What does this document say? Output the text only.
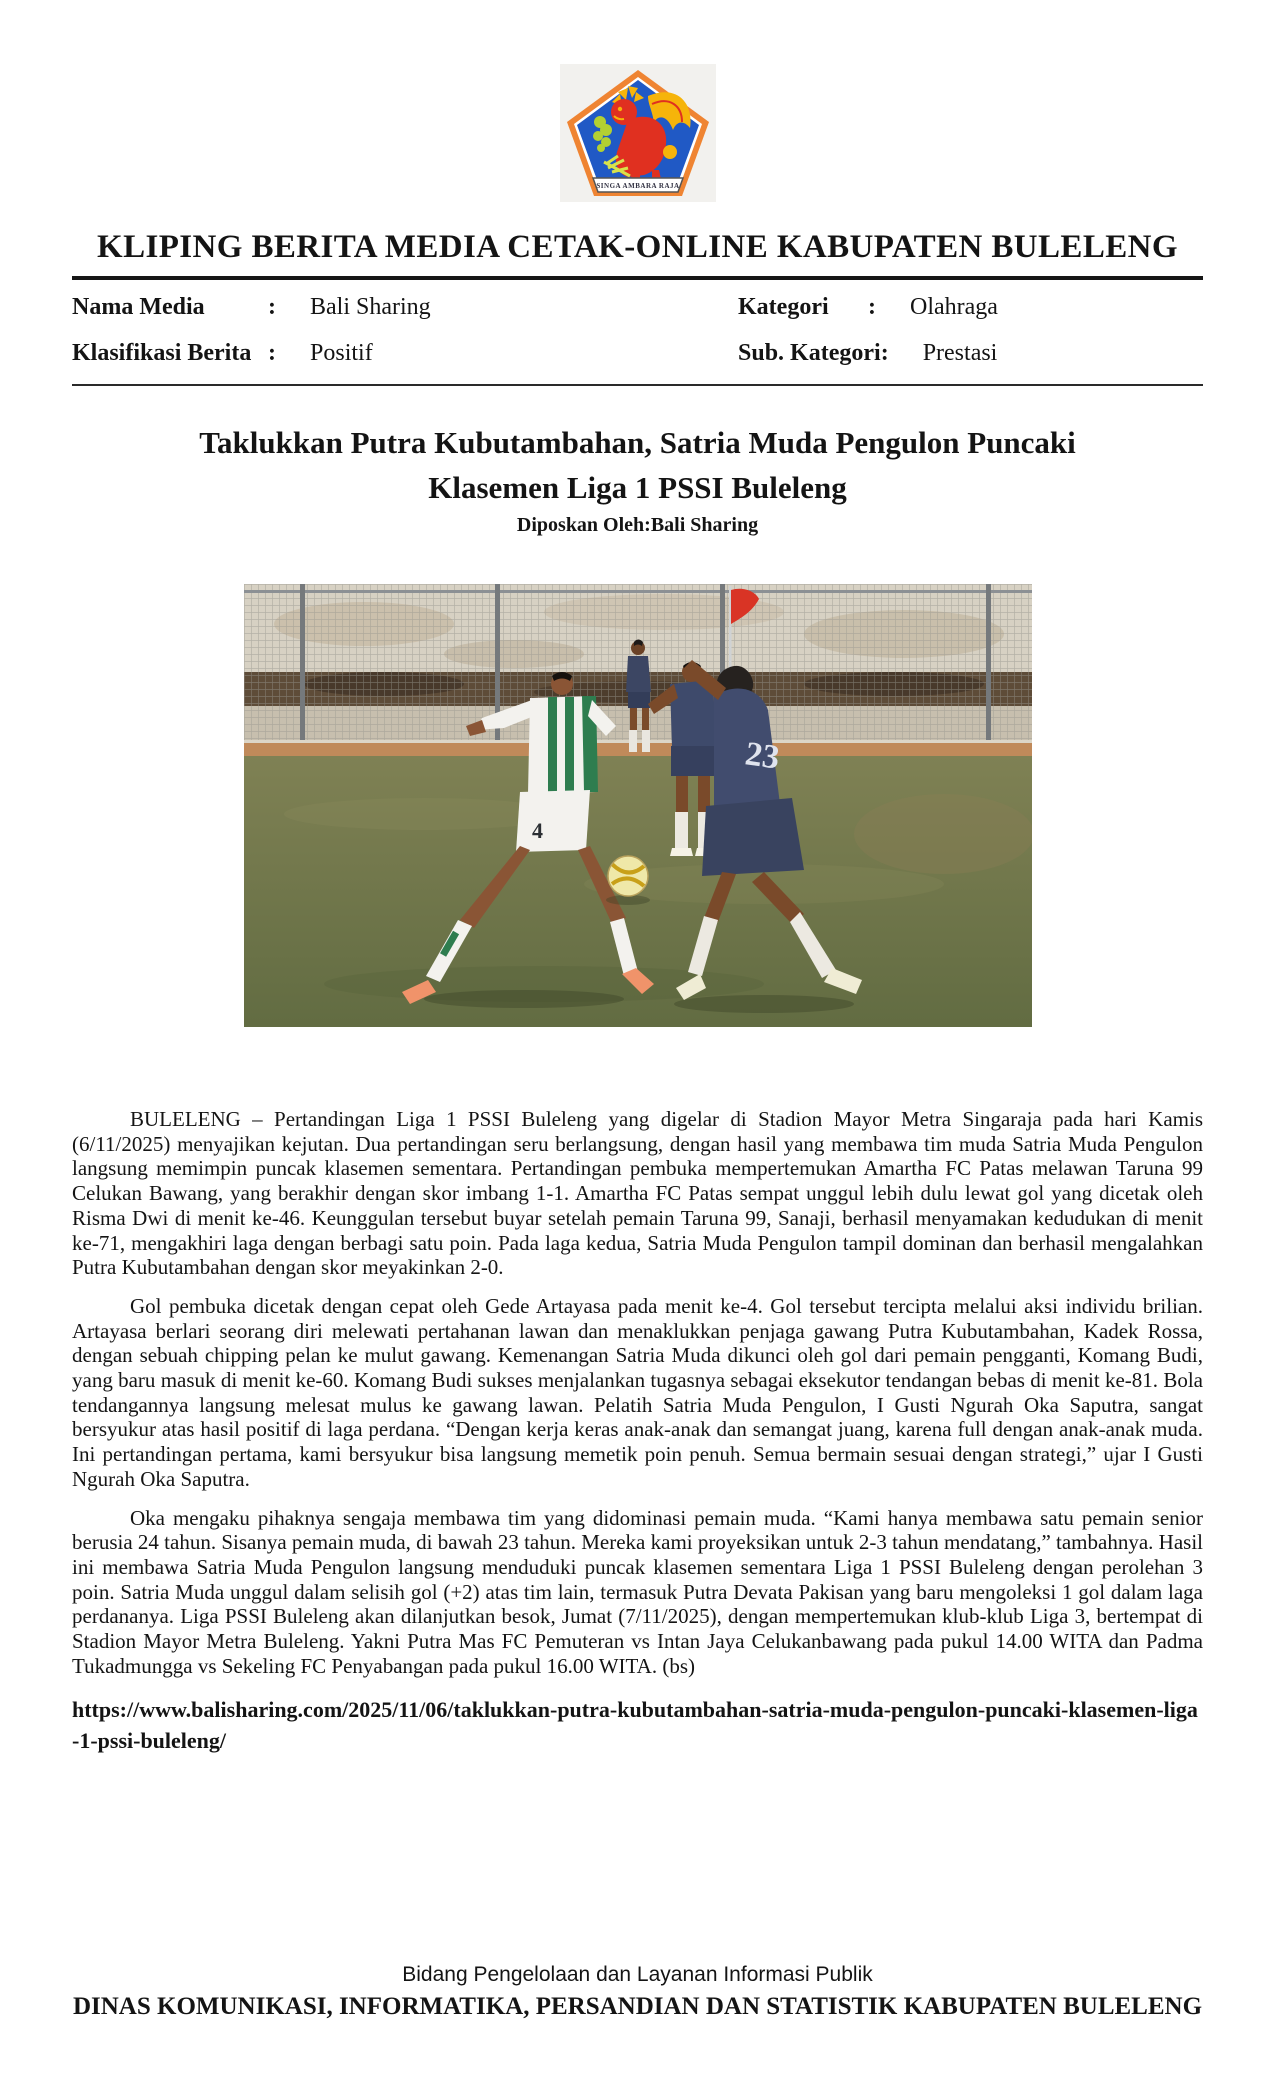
SINGA AMBARA RAJA
KLIPING BERITA MEDIA CETAK-ONLINE KABUPATEN BULELENG
Nama Media	:	Bali Sharing
Klasifikasi Berita :	Positif
Kategori	:	Olahraga
Sub. Kategori :	Prestasi
Taklukkan Putra Kubutambahan, Satria Muda Pengulon Puncaki
Klasemen Liga 1 PSSI Buleleng
Diposkan Oleh:Bali Sharing
23
4

BULELENG – Pertandingan Liga 1 PSSI Buleleng yang digelar di Stadion Mayor Metra Singaraja pada hari Kamis (6/11/2025) menyajikan kejutan. Dua pertandingan seru berlangsung, dengan hasil yang membawa tim muda Satria Muda Pengulon langsung memimpin puncak klasemen sementara. Pertandingan pembuka mempertemukan Amartha FC Patas melawan Taruna 99 Celukan Bawang, yang berakhir dengan skor imbang 1-1. Amartha FC Patas sempat unggul lebih dulu lewat gol yang dicetak oleh Risma Dwi di menit ke-46. Keunggulan tersebut buyar setelah pemain Taruna 99, Sanaji, berhasil menyamakan kedudukan di menit ke-71, mengakhiri laga dengan berbagi satu poin. Pada laga kedua, Satria Muda Pengulon tampil dominan dan berhasil mengalahkan Putra Kubutambahan dengan skor meyakinkan 2-0.

Gol pembuka dicetak dengan cepat oleh Gede Artayasa pada menit ke-4. Gol tersebut tercipta melalui aksi individu brilian. Artayasa berlari seorang diri melewati pertahanan lawan dan menaklukkan penjaga gawang Putra Kubutambahan, Kadek Rossa, dengan sebuah chipping pelan ke mulut gawang. Kemenangan Satria Muda dikunci oleh gol dari pemain pengganti, Komang Budi, yang baru masuk di menit ke-60. Komang Budi sukses menjalankan tugasnya sebagai eksekutor tendangan bebas di menit ke-81. Bola tendangannya langsung melesat mulus ke gawang lawan. Pelatih Satria Muda Pengulon, I Gusti Ngurah Oka Saputra, sangat bersyukur atas hasil positif di laga perdana. “Dengan kerja keras anak-anak dan semangat juang, karena full dengan anak-anak muda. Ini pertandingan pertama, kami bersyukur bisa langsung memetik poin penuh. Semua bermain sesuai dengan strategi,” ujar I Gusti Ngurah Oka Saputra.

Oka mengaku pihaknya sengaja membawa tim yang didominasi pemain muda. “Kami hanya membawa satu pemain senior berusia 24 tahun. Sisanya pemain muda, di bawah 23 tahun. Mereka kami proyeksikan untuk 2-3 tahun mendatang,” tambahnya. Hasil ini membawa Satria Muda Pengulon langsung menduduki puncak klasemen sementara Liga 1 PSSI Buleleng dengan perolehan 3 poin. Satria Muda unggul dalam selisih gol (+2) atas tim lain, termasuk Putra Devata Pakisan yang baru mengoleksi 1 gol dalam laga perdananya. Liga PSSI Buleleng akan dilanjutkan besok, Jumat (7/11/2025), dengan mempertemukan klub-klub Liga 3, bertempat di Stadion Mayor Metra Buleleng. Yakni Putra Mas FC Pemuteran vs Intan Jaya Celukanbawang pada pukul 14.00 WITA dan Padma Tukadmungga vs Sekeling FC Penyabangan pada pukul 16.00 WITA. (bs)

https://www.balisharing.com/2025/11/06/taklukkan-putra-kubutambahan-satria-muda-pengulon-puncaki-klasemen-liga-1-pssi-buleleng/
Bidang Pengelolaan dan Layanan Informasi Publik
DINAS KOMUNIKASI, INFORMATIKA, PERSANDIAN DAN STATISTIK KABUPATEN BULELENG
